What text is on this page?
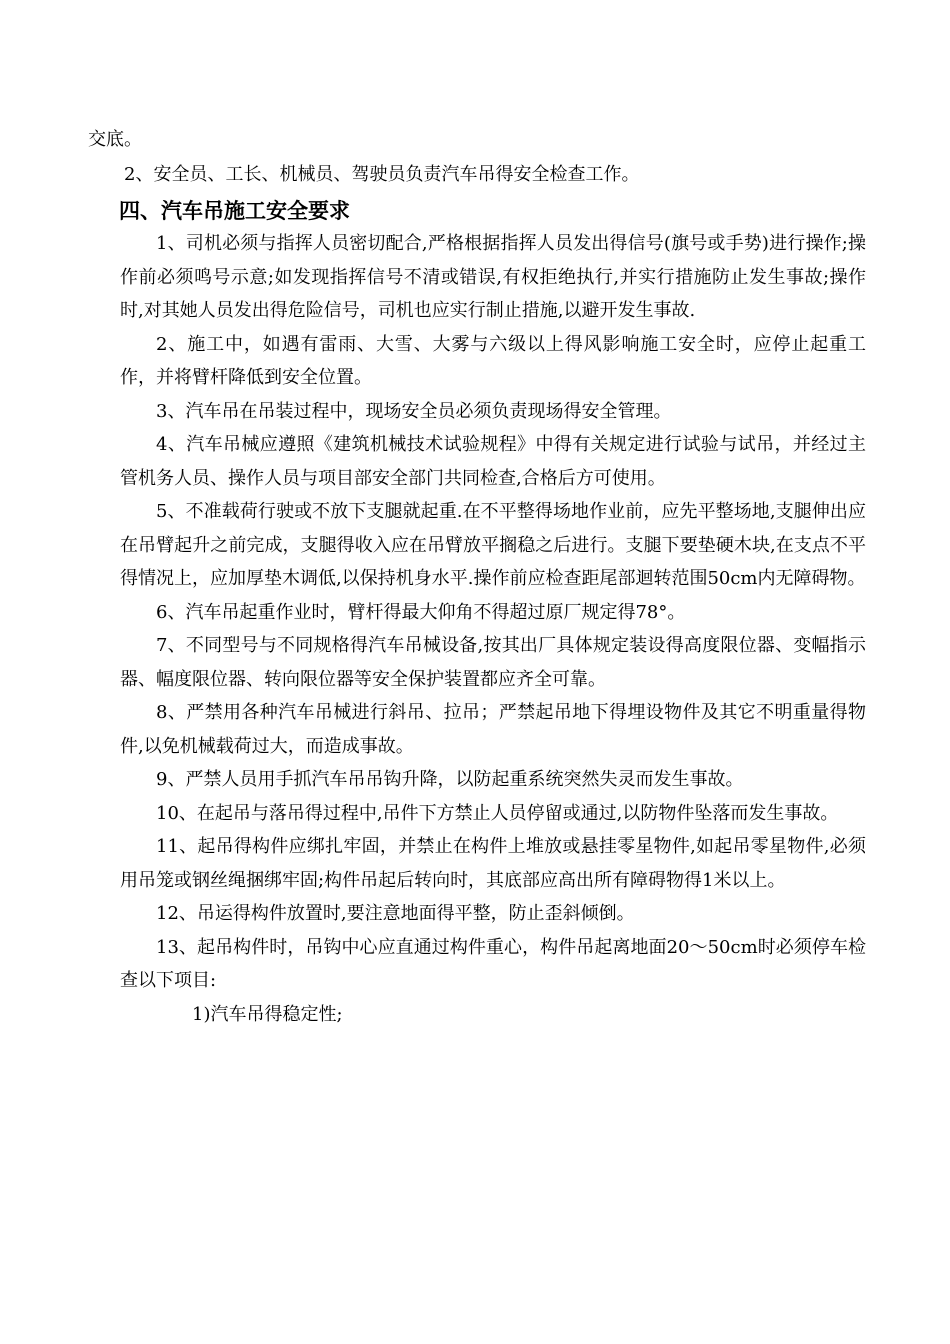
交底。
2、安全员、工长、机械员、驾驶员负责汽车吊得安全检查工作。
四、汽车吊施工安全要求

1、司机必须与指挥人员密切配合,严格根据指挥人员发出得信号(旗号或手势)进行操作;操作前必须鸣号示意;如发现指挥信号不清或错误,有权拒绝执行,并实行措施防止发生事故;操作时,对其她人员发出得危险信号，司机也应实行制止措施,以避开发生事故.

2、施工中，如遇有雷雨、大雪、大雾与六级以上得风影响施工安全时，应停止起重工作，并将臂杆降低到安全位置。

3、汽车吊在吊装过程中，现场安全员必须负责现场得安全管理。

4、汽车吊械应遵照《建筑机械技术试验规程》中得有关规定进行试验与试吊，并经过主管机务人员、操作人员与项目部安全部门共同检查,合格后方可使用。

5、不准载荷行驶或不放下支腿就起重.在不平整得场地作业前，应先平整场地,支腿伸出应在吊臂起升之前完成，支腿得收入应在吊臂放平搁稳之后进行。支腿下要垫硬木块,在支点不平得情况上，应加厚垫木调低,以保持机身水平.操作前应检查距尾部迴转范围50cm内无障碍物。

6、汽车吊起重作业时，臂杆得最大仰角不得超过原厂规定得78°。

7、不同型号与不同规格得汽车吊械设备,按其出厂具体规定装设得高度限位器、变幅指示器、幅度限位器、转向限位器等安全保护装置都应齐全可靠。

8、严禁用各种汽车吊械进行斜吊、拉吊；严禁起吊地下得埋设物件及其它不明重量得物件,以免机械载荷过大，而造成事故。

9、严禁人员用手抓汽车吊吊钩升降，以防起重系统突然失灵而发生事故。

10、在起吊与落吊得过程中,吊件下方禁止人员停留或通过,以防物件坠落而发生事故。

11、起吊得构件应绑扎牢固，并禁止在构件上堆放或悬挂零星物件,如起吊零星物件,必须用吊笼或钢丝绳捆绑牢固;构件吊起后转向时，其底部应高出所有障碍物得1米以上。

12、吊运得构件放置时,要注意地面得平整，防止歪斜倾倒。

13、起吊构件时，吊钩中心应直通过构件重心，构件吊起离地面20～50cm时必须停车检查以下项目:

1)汽车吊得稳定性;
